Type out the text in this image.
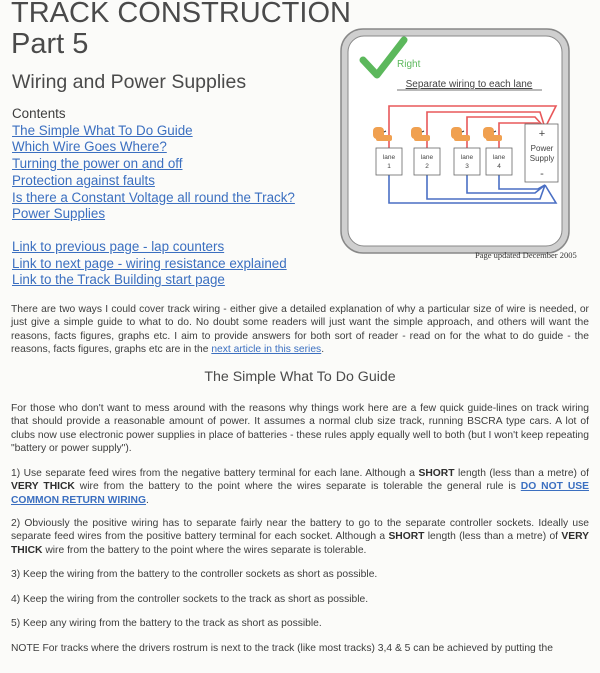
TRACK CONSTRUCTION
Part 5
Wiring and Power Supplies
Contents
The Simple What To Do Guide
Which Wire Goes Where?
Turning the power on and off
Protection against faults
Is there a Constant Voltage all round the Track?
Power Supplies
Link to previous page - lap counters
Link to next page - wiring resistance explained
Link to the Track Building start page
Right
Separate wiring to each lane
lane
1
lane
2
lane
3
lane
4
+
Power
Supply
-
Page updated December 2005

There are two ways I could cover track wiring - either give a detailed explanation of why a particular size of wire is needed, or just give a simple guide to what to do. No doubt some readers will just want the simple approach, and others will want the reasons, facts figures, graphs etc. I aim to provide answers for both sort of reader - read on for the what to do guide - the reasons, facts figures, graphs etc are in the next article in this series.

The Simple What To Do Guide

For those who don't want to mess around with the reasons why things work here are a few quick guide-lines on track wiring that should provide a reasonable amount of power. It assumes a normal club size track, running BSCRA type cars. A lot of clubs now use electronic power supplies in place of batteries - these rules apply equally well to both (but I won't keep repeating "battery or power supply").

1) Use separate feed wires from the negative battery terminal for each lane. Although a SHORT length (less than a metre) of VERY THICK wire from the battery to the point where the wires separate is tolerable the general rule is DO NOT USE COMMON RETURN WIRING.

2) Obviously the positive wiring has to separate fairly near the battery to go to the separate controller sockets. Ideally use separate feed wires from the positive battery terminal for each socket. Although a SHORT length (less than a metre) of VERY THICK wire from the battery to the point where the wires separate is tolerable.

3) Keep the wiring from the battery to the controller sockets as short as possible.

4) Keep the wiring from the controller sockets to the track as short as possible.

5) Keep any wiring from the battery to the track as short as possible.

NOTE For tracks where the drivers rostrum is next to the track (like most tracks) 3,4 & 5 can be achieved by putting the
